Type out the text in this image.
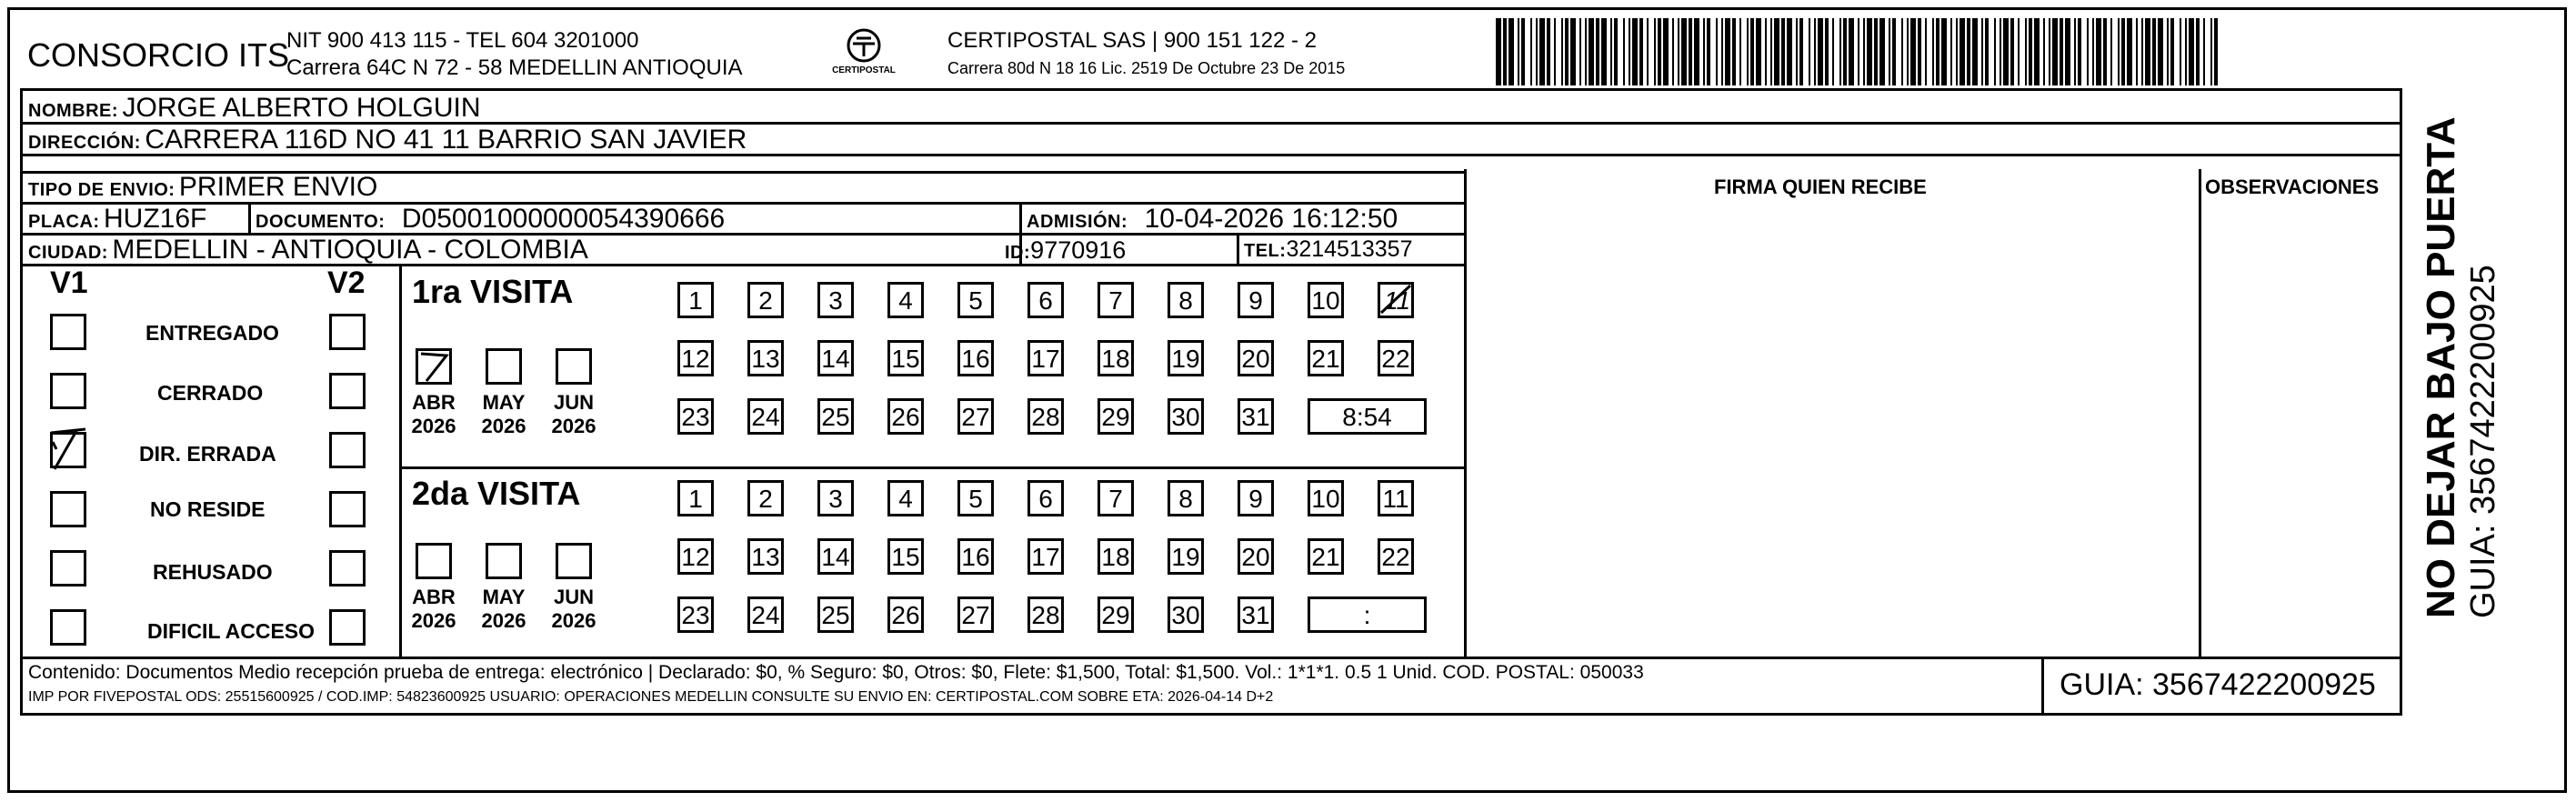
CONSORCIO ITS
NIT 900 413 115 - TEL 604 3201000
Carrera 64C N 72 - 58 MEDELLIN ANTIOQUIA	CERTIPOSTAL
CERTIPOSTAL SAS | 900 151 122 - 2
Carrera 80d N 18 16 Lic. 2519 De Octubre 23 De 2015
NOMBRE: JORGE ALBERTO HOLGUIN
DIRECCIÓN: CARRERA 116D NO 41 11 BARRIO SAN JAVIER
TIPO DE ENVIO: PRIMER ENVIO	FIRMA QUIEN RECIBE	OBSERVACIONES
PLACA: HUZ16F	DOCUMENTO: D05001000000054390666	ADMISIÓN: 10-04-2026 16:12:50
CIUDAD: MEDELLIN - ANTIOQUIA - COLOMBIA	ID:9770916	TEL:3214513357
V1	V2
ENTREGADO
CERRADO
DIR. ERRADA
NO RESIDE
REHUSADO
DIFICIL ACCESO
1ra VISITA
ABR
2026
MAY
2026
JUN
2026
1	2	3	4	5	6	7	8	9	10 11
12 13 14 15 16 17 18 19 20 21 22
23 24 25 26 27 28 29 30 31	8:54
2da VISITA
ABR
2026
MAY
2026
JUN
2026
1	2	3	4	5	6	7	8	9	10 11
12 13 14 15 16 17 18 19 20 21 22
23 24 25 26 27 28 29 30 31	:
Contenido: Documentos Medio recepción prueba de entrega: electrónico | Declarado: $0, % Seguro: $0, Otros: $0, Flete: $1,500, Total: $1,500. Vol.: 1*1*1. 0.5 1 Unid. COD. POSTAL: 050033
IMP POR FIVEPOSTAL ODS: 25515600925 / COD.IMP: 54823600925 USUARIO: OPERACIONES MEDELLIN CONSULTE SU ENVIO EN: CERTIPOSTAL.COM SOBRE ETA: 2026-04-14 D+2	GUIA: 3567422200925
NO DEJAR BAJO PUERTA GUIA: 3567422200925
